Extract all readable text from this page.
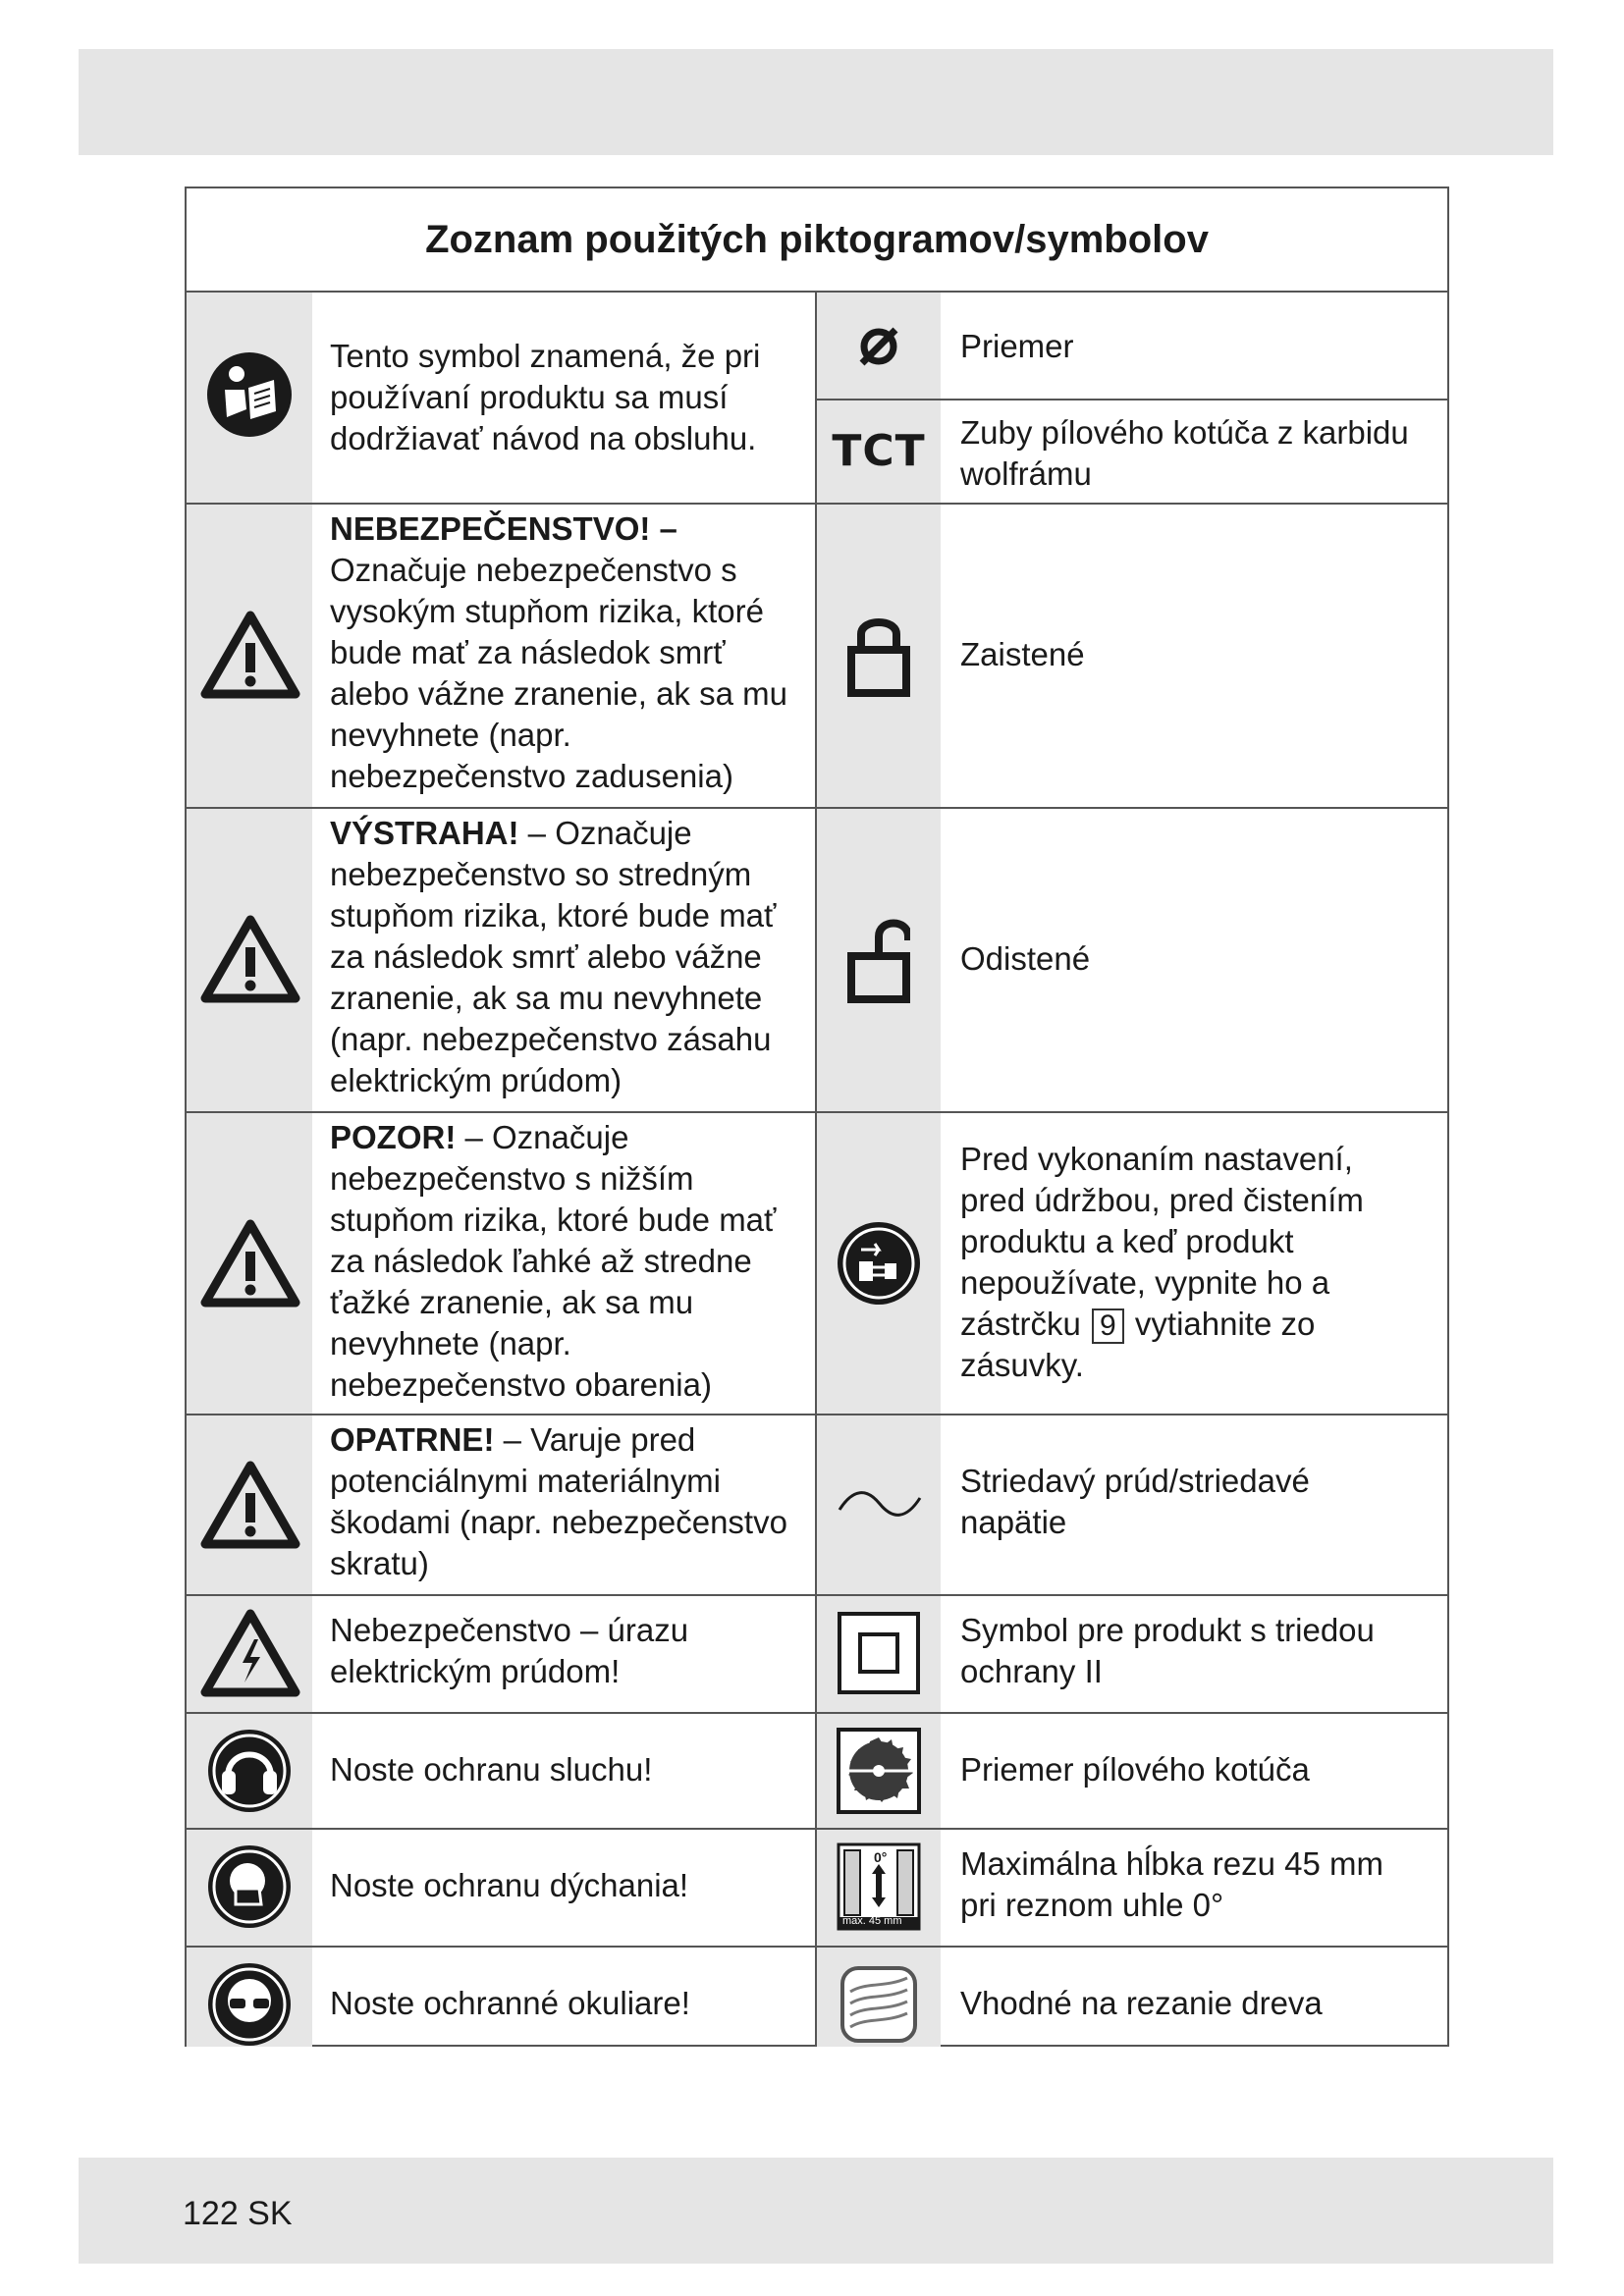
Zoznam použitých piktogramov/symbolov
Tento symbol znamená, že pri používaní produktu sa musí dodržiavať návod na obsluhu.
NEBEZPEČENSTVO! –
Označuje nebezpečenstvo s vysokým stupňom rizika, ktoré bude mať za následok smrť alebo vážne zranenie, ak sa mu nevyhnete (napr. nebezpečenstvo zadusenia)
VÝSTRAHA! – Označuje nebezpečenstvo so stredným stupňom rizika, ktoré bude mať za následok smrť alebo vážne zranenie, ak sa mu nevyhnete (napr. nebezpečenstvo zásahu elektrickým prúdom)
POZOR! – Označuje nebezpečenstvo s nižším stupňom rizika, ktoré bude mať za následok ľahké až stredne ťažké zranenie, ak sa mu nevyhnete (napr. nebezpečenstvo obarenia)
OPATRNE! – Varuje pred potenciálnymi materiálnymi škodami (napr. nebezpečenstvo skratu)
Nebezpečenstvo – úrazu elektrickým prúdom!
Noste ochranu sluchu!
Noste ochranu dýchania!
Noste ochranné okuliare!
Priemer
TCT Zuby pílového kotúča z karbidu wolfrámu
Zaistené
Odistené
Pred vykonaním nastavení, pred údržbou, pred čistením produktu a keď produkt nepoužívate, vypnite ho a zástrčku 9 vytiahnite zo zásuvky.
Striedavý prúd/striedavé napätie
Symbol pre produkt s triedou ochrany II
Priemer pílového kotúča
0°
max. 45 mm
Maximálna hĺbka rezu 45 mm pri reznom uhle 0°
Vhodné na rezanie dreva
122 SK
